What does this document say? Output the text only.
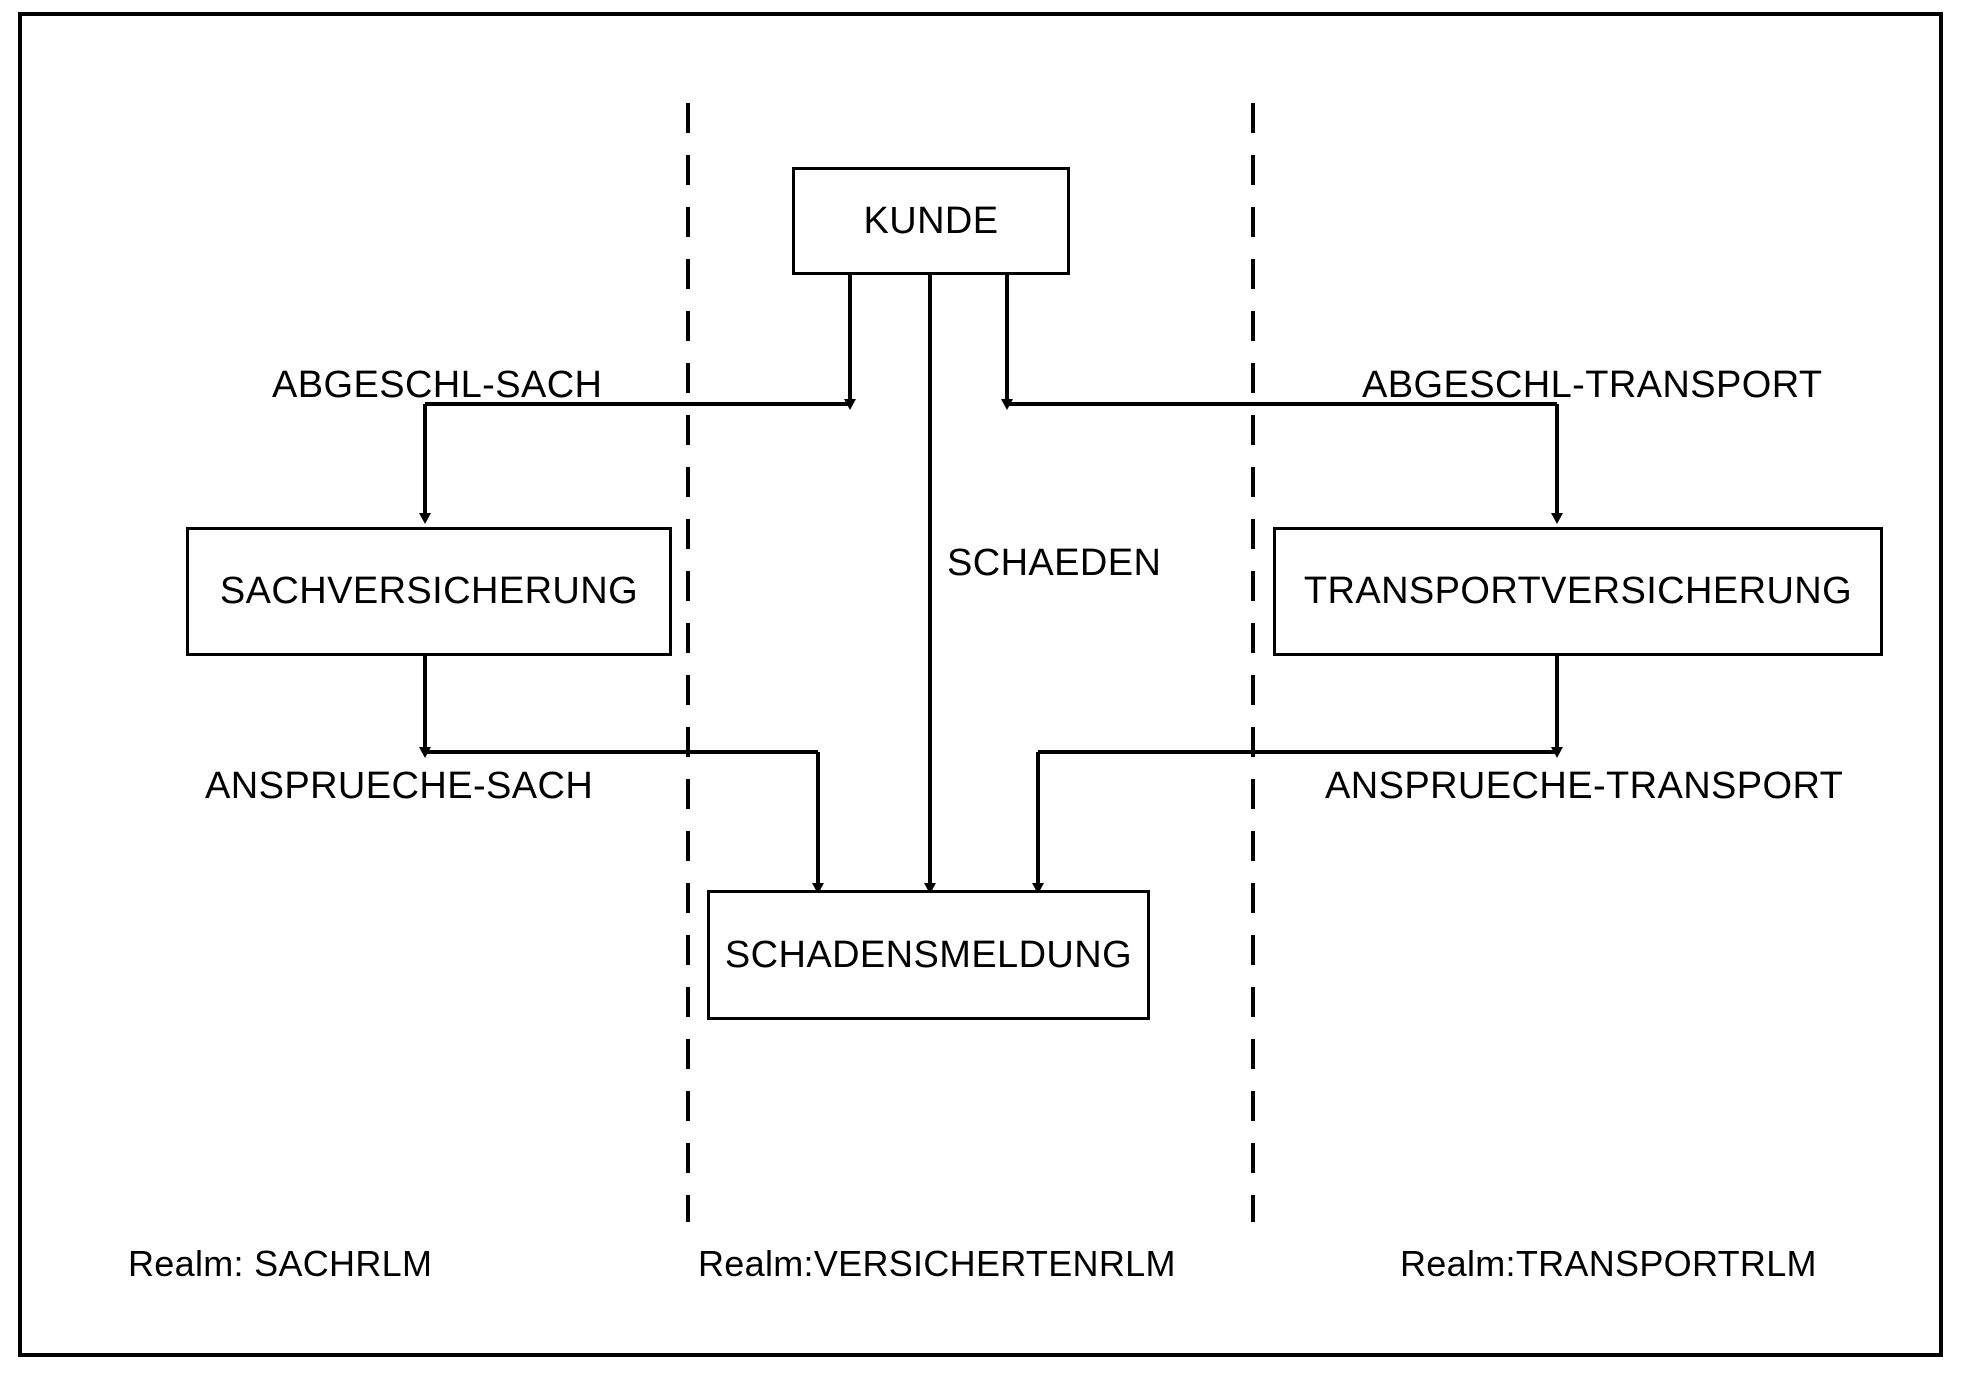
KUNDE
SACHVERSICHERUNG	TRANSPORTVERSICHERUNG
SCHADENSMELDUNG
ABGESCHL-SACH	ABGESCHL-TRANSPORT
SCHAEDEN
ANSPRUECHE-SACH	ANSPRUECHE-TRANSPORT
Realm: SACHRLM	Realm:VERSICHERTENRLM	Realm:TRANSPORTRLM
